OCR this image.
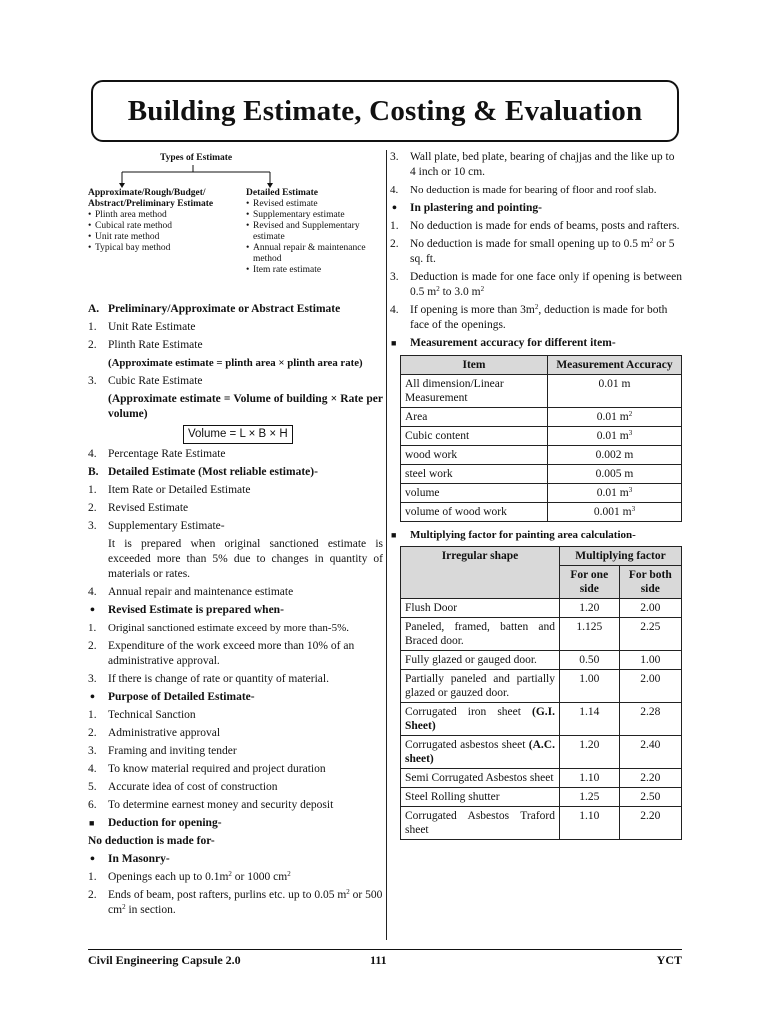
Building Estimate, Costing & Evaluation
Types of Estimate
Approximate/Rough/Budget/
Abstract/Preliminary Estimate
• Plinth area method
• Cubical rate method
• Unit rate method
• Typical bay method
Detailed Estimate
• Revised estimate
• Supplementary estimate
• Revised and Supplementary estimate
• Annual repair & maintenance method
• Item rate estimate
A. Preliminary/Approximate or Abstract Estimate
1. Unit Rate Estimate
2. Plinth Rate Estimate
(Approximate estimate = plinth area × plinth area rate)
3. Cubic Rate Estimate
(Approximate estimate = Volume of building × Rate per volume)
Volume = L × B × H
4. Percentage Rate Estimate
B. Detailed Estimate (Most reliable estimate)-
1. Item Rate or Detailed Estimate
2. Revised Estimate
3. Supplementary Estimate-
It is prepared when original sanctioned estimate is exceeded more than 5% due to changes in quantity of materials or rates.
4. Annual repair and maintenance estimate
• Revised Estimate is prepared when-
1. Original sanctioned estimate exceed by more than-5%.
2. Expenditure of the work exceed more than 10% of an administrative approval.
3. If there is change of rate or quantity of material.
• Purpose of Detailed Estimate-
1. Technical Sanction
2. Administrative approval
3. Framing and inviting tender
4. To know material required and project duration
5. Accurate idea of cost of construction
6. To determine earnest money and security deposit
■ Deduction for opening-
No deduction is made for-
• In Masonry-
1. Openings each up to $0.1m^2$ or 1000 $cm^2$
2. Ends of beam, post rafters, purlins etc. up to 0.05 $m^2$ or 500 $cm^2$ in section.
3. Wall plate, bed plate, bearing of chajjas and the like up to 4 inch or 10 cm.
4. No deduction is made for bearing of floor and roof slab.
• In plastering and pointing-
1. No deduction is made for ends of beams, posts and rafters.
2. No deduction is made for small opening up to 0.5 $m^2$ or 5 sq. ft.
3. Deduction is made for one face only if opening is between 0.5 $m^2$ to 3.0 $m^2$
4. If opening is more than $3m^2$, deduction is made for both face of the openings.
■ Measurement accuracy for different item-
Item	Measurement Accuracy
All dimension/Linear Measurement	0.01 m
Area	0.01 $m^2$
Cubic content	0.01 $m^3$
wood work	0.002 m
steel work	0.005 m
volume	0.01 $m^3$
volume of wood work	0.001 $m^3$
■ Multiplying factor for painting area calculation-
Irregular shape	Multiplying factor	
	For one side	For both side
Flush Door	1.20	2.00
Paneled, framed, batten and Braced door.	1.125	2.25
Fully glazed or gauged door.	0.50	1.00
Partially paneled and partially glazed or gauzed door.	1.00	2.00
Corrugated iron sheet (G.I. Sheet)	1.14	2.28
Corrugated asbestos sheet (A.C. sheet)	1.20	2.40
Semi Corrugated Asbestos sheet	1.10	2.20
Steel Rolling shutter	1.25	2.50
Corrugated Asbestos Traford sheet	1.10	2.20
Civil Engineering Capsule 2.0	111	YCT
